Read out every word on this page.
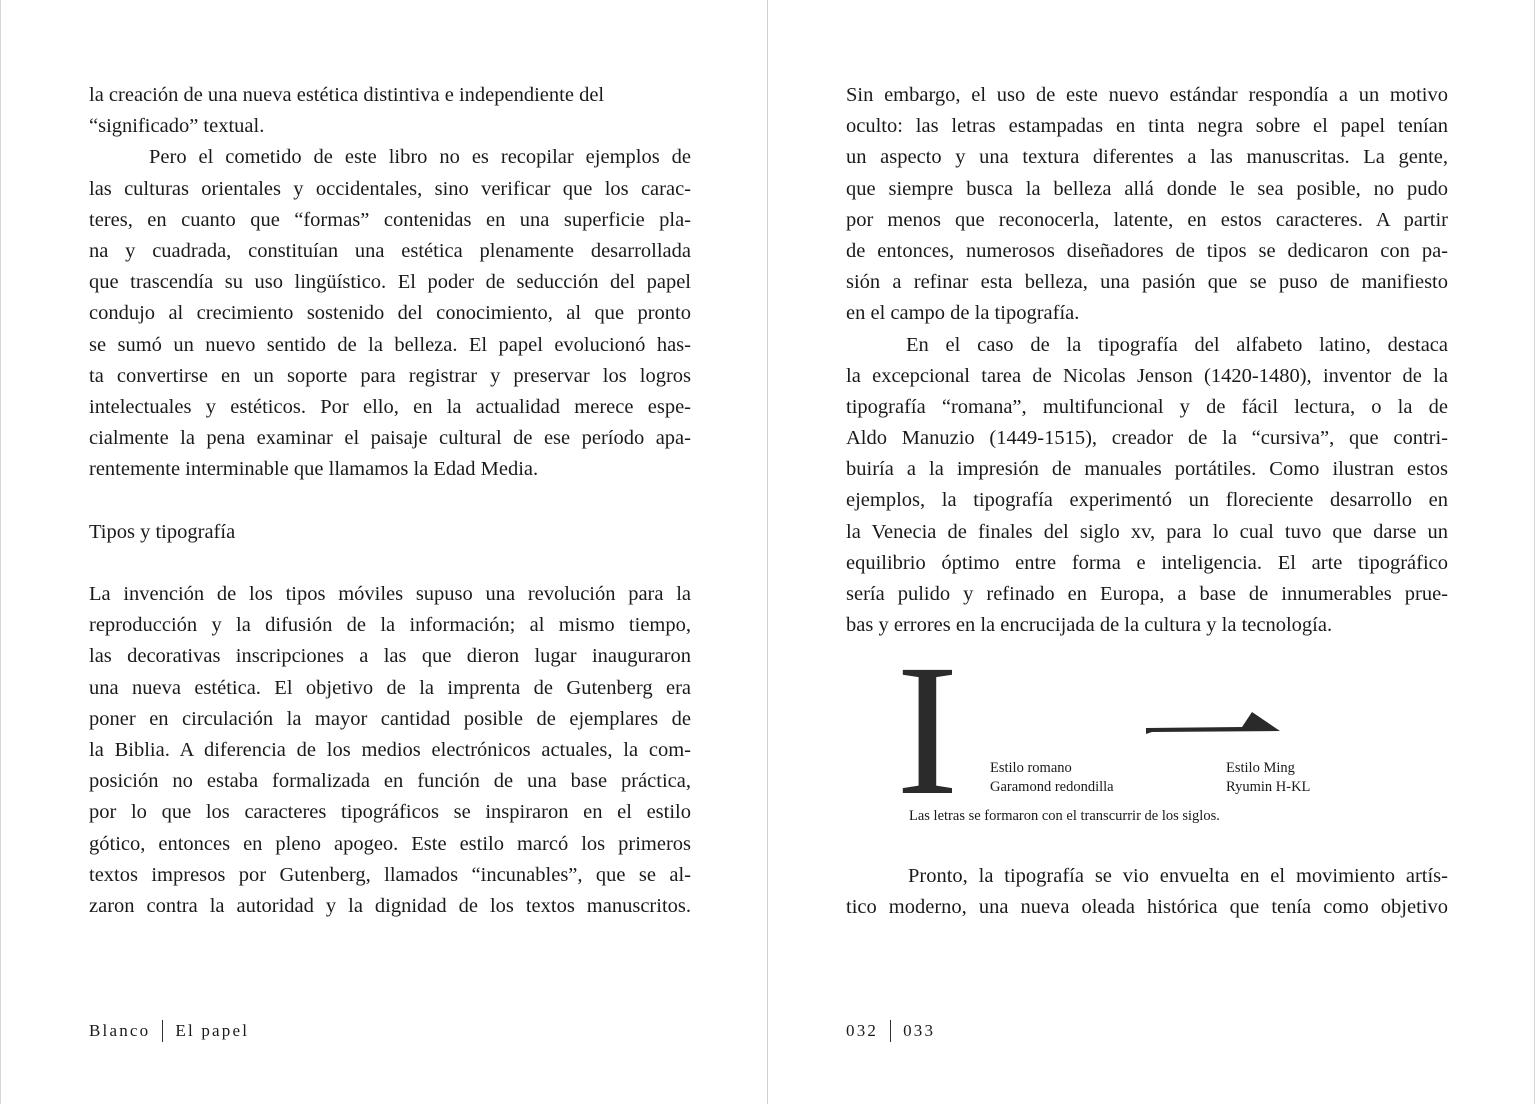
la creación de una nueva estética distintiva e independiente del
“significado” textual.
Pero el cometido de este libro no es recopilar ejemplos de
las culturas orientales y occidentales, sino verificar que los carac-
teres, en cuanto que “formas” contenidas en una superficie pla-
na y cuadrada, constituían una estética plenamente desarrollada
que trascendía su uso lingüístico. El poder de seducción del papel
condujo al crecimiento sostenido del conocimiento, al que pronto
se sumó un nuevo sentido de la belleza. El papel evolucionó has-
ta convertirse en un soporte para registrar y preservar los logros
intelectuales y estéticos. Por ello, en la actualidad merece espe-
cialmente la pena examinar el paisaje cultural de ese período apa-
rentemente interminable que llamamos la Edad Media.
Tipos y tipografía
La invención de los tipos móviles supuso una revolución para la
reproducción y la difusión de la información; al mismo tiempo,
las decorativas inscripciones a las que dieron lugar inauguraron
una nueva estética. El objetivo de la imprenta de Gutenberg era
poner en circulación la mayor cantidad posible de ejemplares de
la Biblia. A diferencia de los medios electrónicos actuales, la com-
posición no estaba formalizada en función de una base práctica,
por lo que los caracteres tipográficos se inspiraron en el estilo
gótico, entonces en pleno apogeo. Este estilo marcó los primeros
textos impresos por Gutenberg, llamados “incunables”, que se al-
zaron contra la autoridad y la dignidad de los textos manuscritos.
Blanco El papel
Sin embargo, el uso de este nuevo estándar respondía a un motivo
oculto: las letras estampadas en tinta negra sobre el papel tenían
un aspecto y una textura diferentes a las manuscritas. La gente,
que siempre busca la belleza allá donde le sea posible, no pudo
por menos que reconocerla, latente, en estos caracteres. A partir
de entonces, numerosos diseñadores de tipos se dedicaron con pa-
sión a refinar esta belleza, una pasión que se puso de manifiesto
en el campo de la tipografía.
En el caso de la tipografía del alfabeto latino, destaca
la excepcional tarea de Nicolas Jenson (1420-1480), inventor de la
tipografía “romana”, multifuncional y de fácil lectura, o la de
Aldo Manuzio (1449-1515), creador de la “cursiva”, que contri-
buiría a la impresión de manuales portátiles. Como ilustran estos
ejemplos, la tipografía experimentó un floreciente desarrollo en
la Venecia de finales del siglo xv, para lo cual tuvo que darse un
equilibrio óptimo entre forma e inteligencia. El arte tipográfico
sería pulido y refinado en Europa, a base de innumerables prue-
bas y errores en la encrucijada de la cultura y la tecnología.
I Estilo romano
Garamond redondilla
Estilo Ming
Ryumin H-KL
Las letras se formaron con el transcurrir de los siglos.
Pronto, la tipografía se vio envuelta en el movimiento artís-
tico moderno, una nueva oleada histórica que tenía como objetivo
032 033
